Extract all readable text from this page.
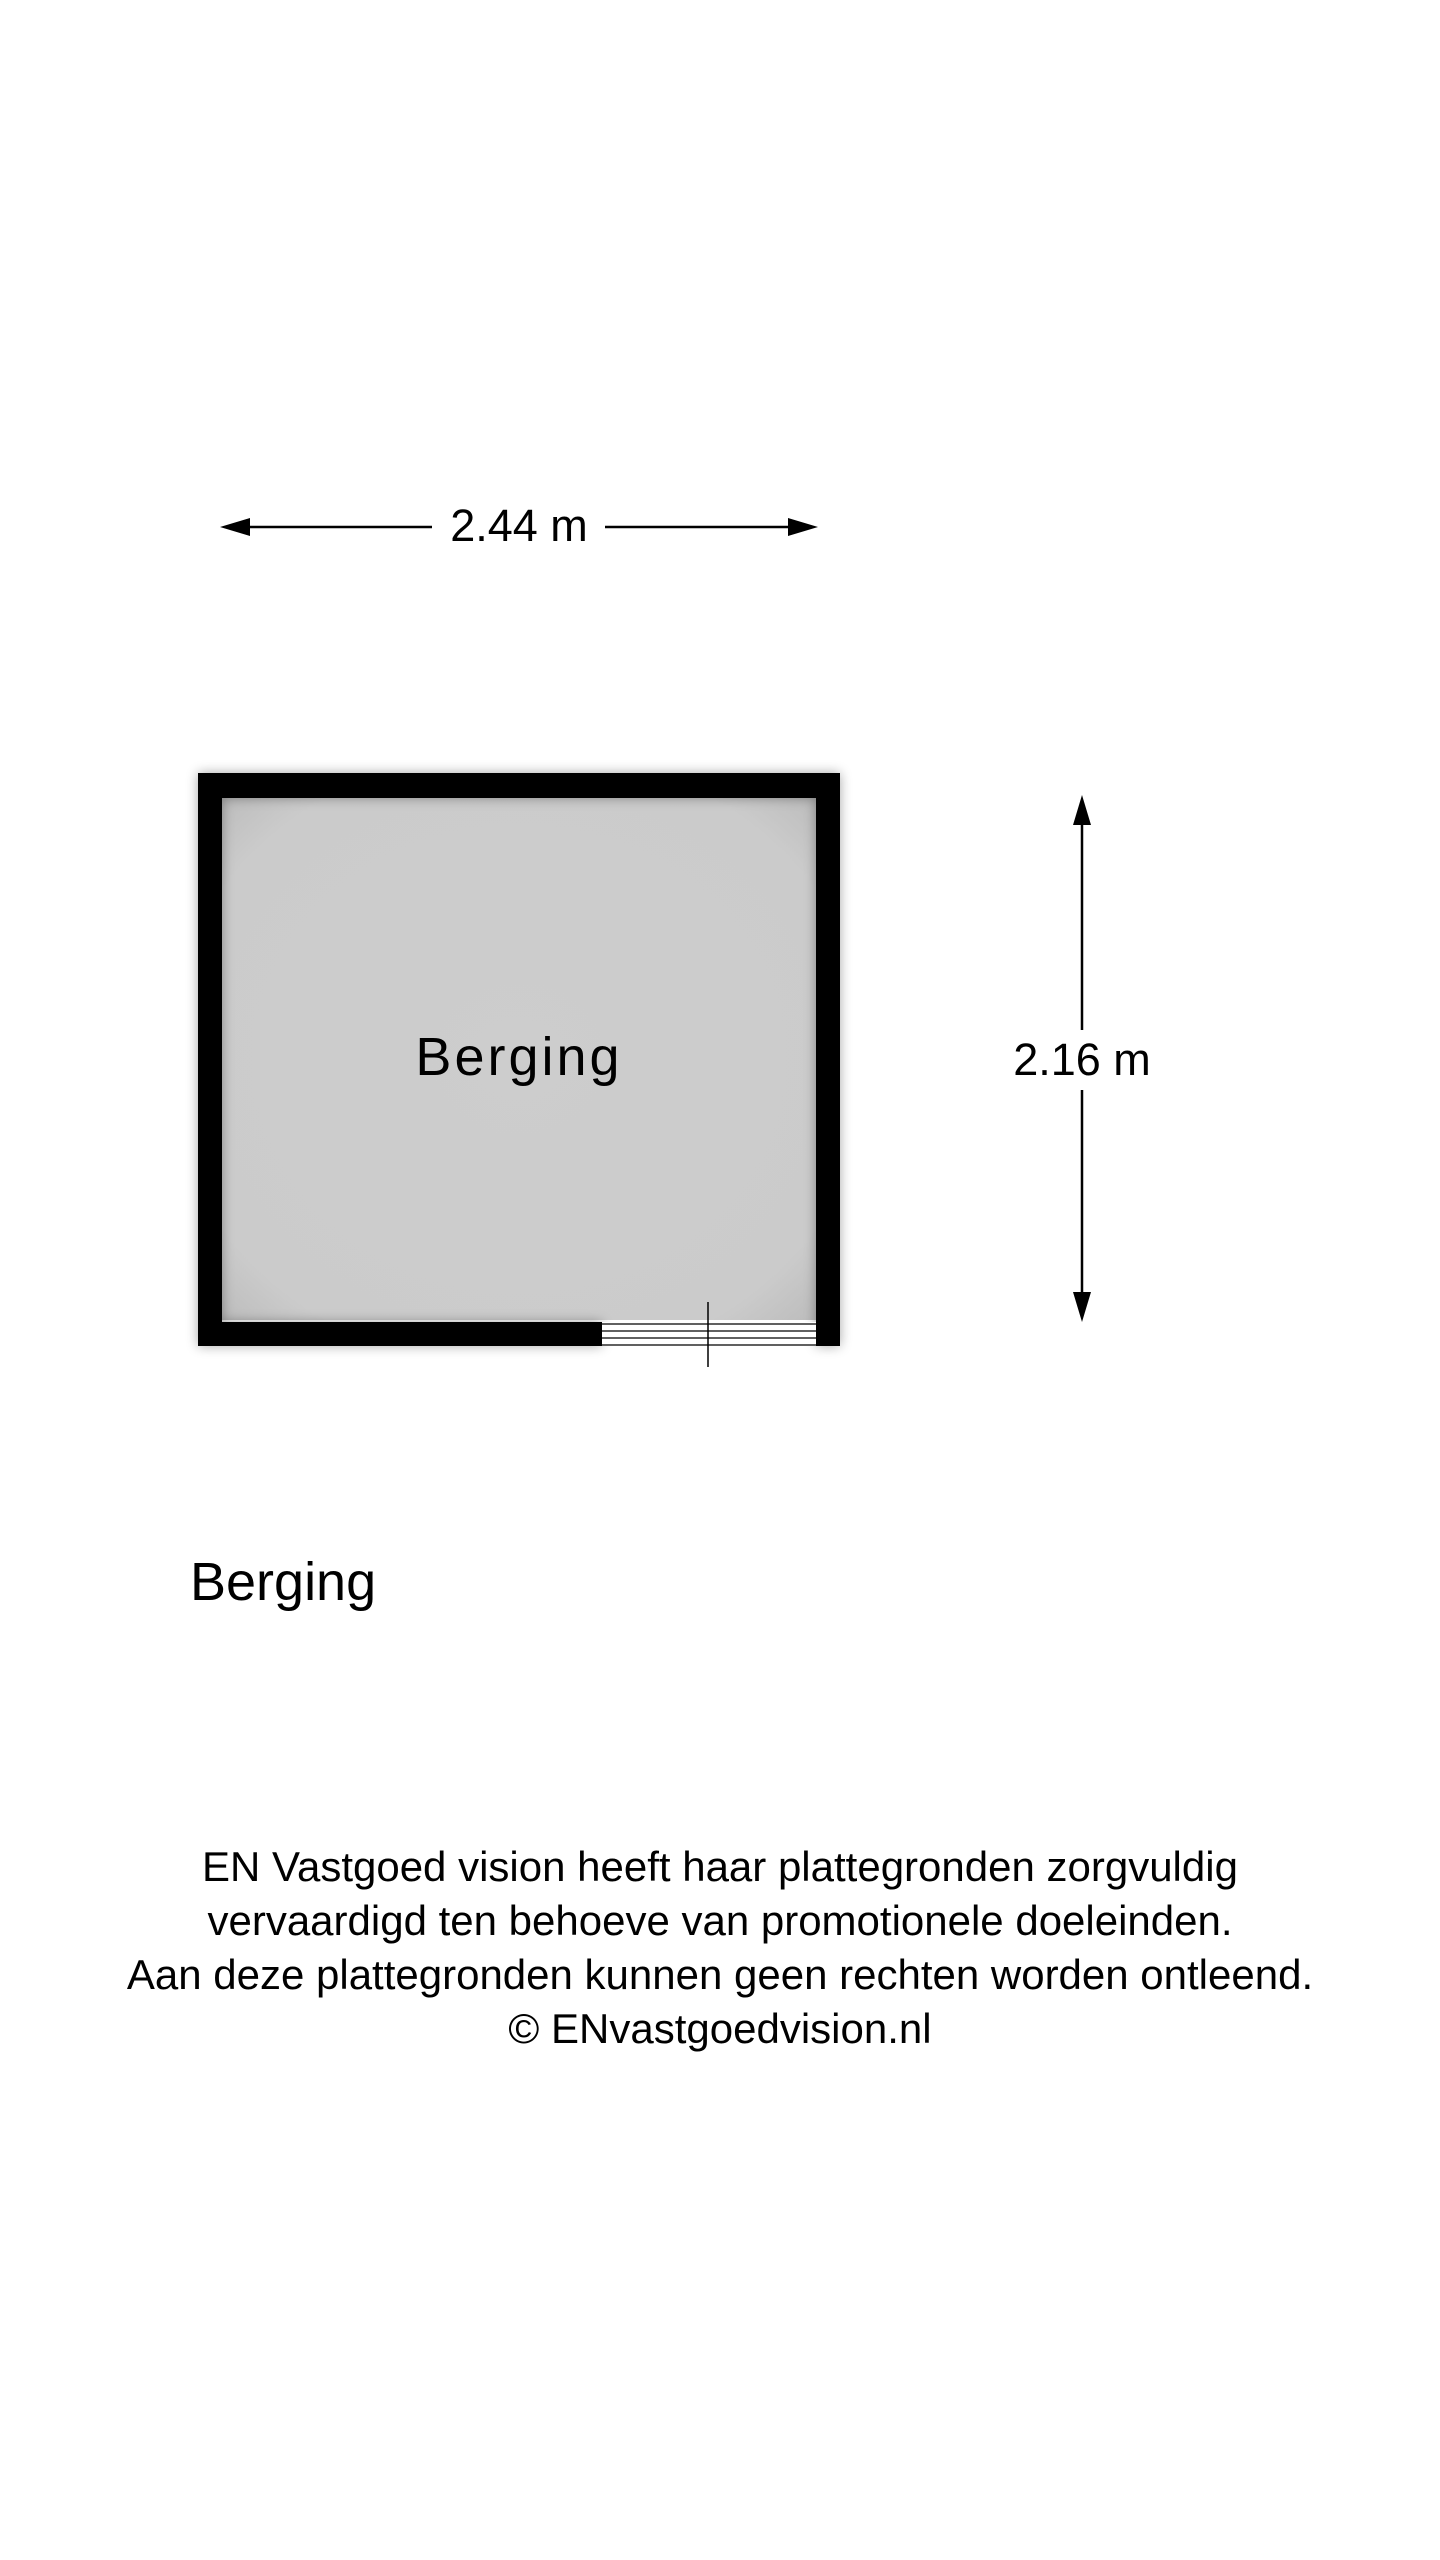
2.44 m
2.16 m
Berging
Berging
EN Vastgoed vision heeft haar plattegronden zorgvuldig
vervaardigd ten behoeve van promotionele doeleinden.
Aan deze plattegronden kunnen geen rechten worden ontleend.
© ENvastgoedvision.nl
